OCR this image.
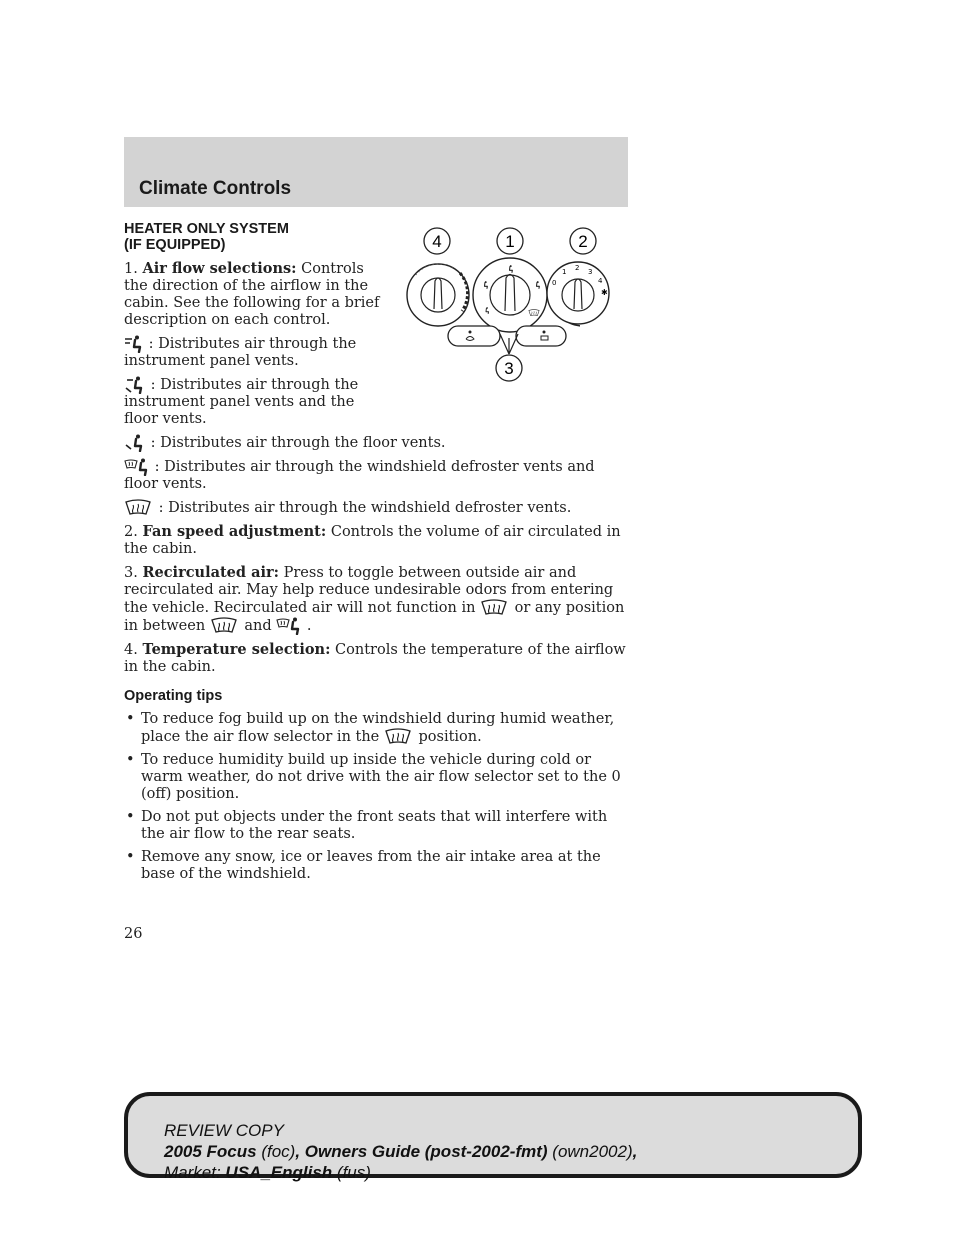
Climate Controls
0
1 2 3
4
✱
4	1	2
3
HEATER ONLY SYSTEM
(IF EQUIPPED)

1. Air flow selections: Controls the direction of the airflow in the cabin. See the following for a brief description on each control.

: Distributes air through the instrument panel vents.

: Distributes air through the instrument panel vents and the floor vents.

: Distributes air through the floor vents.

: Distributes air through the windshield defroster vents and floor vents.

: Distributes air through the windshield defroster vents.

2. Fan speed adjustment: Controls the volume of air circulated in the cabin.

3. Recirculated air: Press to toggle between outside air and recirculated air. May help reduce undesirable odors from entering the vehicle. Recirculated air will not function in	or any position in between	and .

4. Temperature selection: Controls the temperature of the airflow in the cabin.

Operating tips
• To reduce fog build up on the windshield during humid weather, place the air flow selector in the	position.
• To reduce humidity build up inside the vehicle during cold or warm weather, do not drive with the air flow selector set to the 0 (off) position.
• Do not put objects under the front seats that will interfere with the air flow to the rear seats.
• Remove any snow, ice or leaves from the air intake area at the base of the windshield.
26
REVIEW COPY
2005 Focus (foc), Owners Guide (post-2002-fmt) (own2002),
Market: USA_English (fus)
